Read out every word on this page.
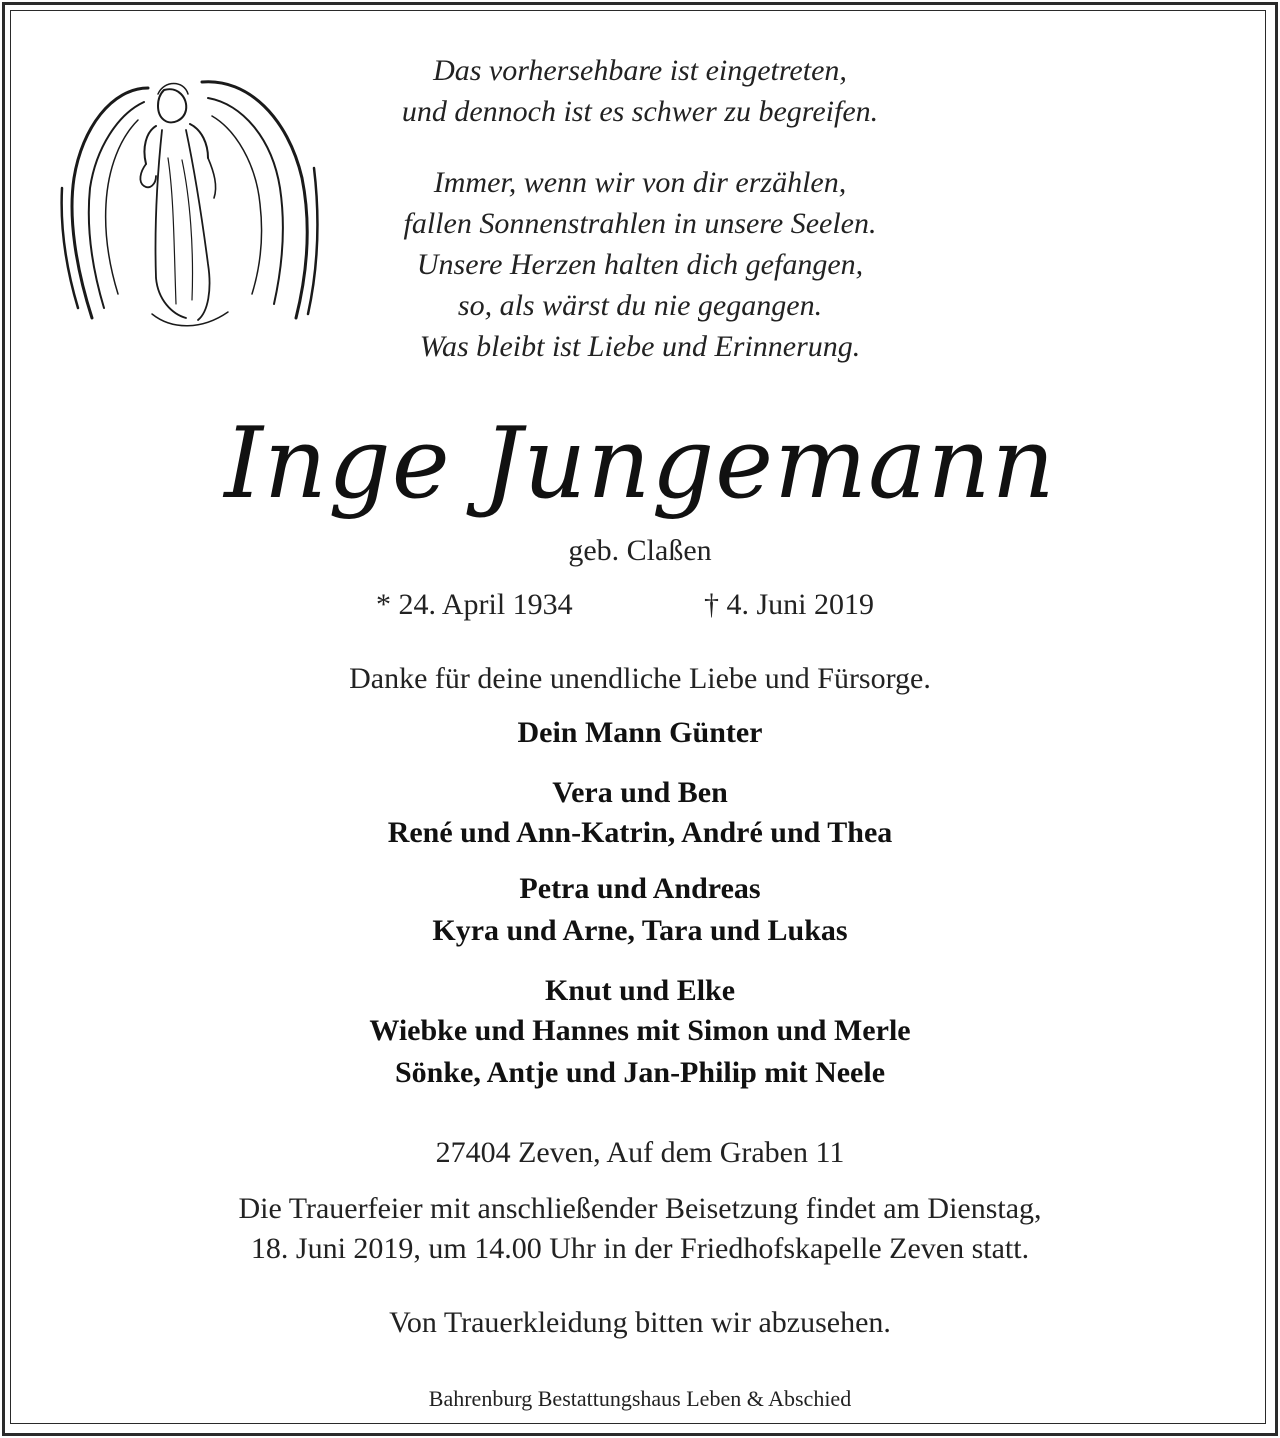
Das vorhersehbare ist eingetreten,
und dennoch ist es schwer zu begreifen.
Immer, wenn wir von dir erzählen,
fallen Sonnenstrahlen in unsere Seelen.
Unsere Herzen halten dich gefangen,
so, als wärst du nie gegangen.
Was bleibt ist Liebe und Erinnerung.
Inge Jungemann
geb. Claßen
* 24. April 1934	† 4. Juni 2019
Danke für deine unendliche Liebe und Fürsorge.
Dein Mann Günter
Vera und Ben
René und Ann-Katrin, André und Thea
Petra und Andreas
Kyra und Arne, Tara und Lukas
Knut und Elke
Wiebke und Hannes mit Simon und Merle
Sönke, Antje und Jan-Philip mit Neele
27404 Zeven, Auf dem Graben 11
Die Trauerfeier mit anschließender Beisetzung findet am Dienstag,
18. Juni 2019, um 14.00 Uhr in der Friedhofskapelle Zeven statt.
Von Trauerkleidung bitten wir abzusehen.
Bahrenburg Bestattungshaus Leben & Abschied
